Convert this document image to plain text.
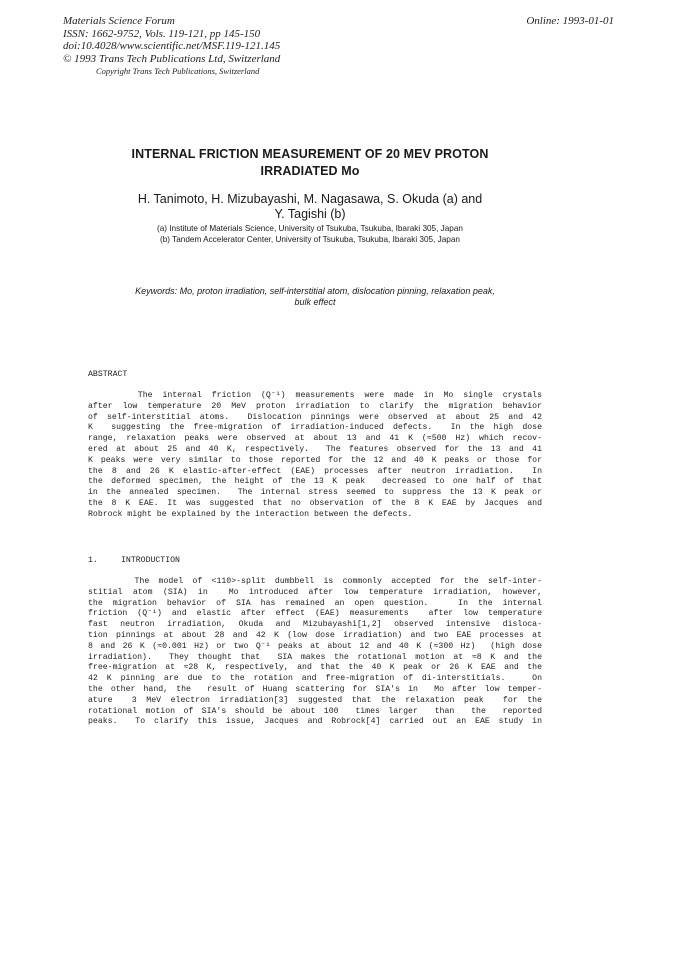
Materials Science Forum
ISSN: 1662-9752, Vols. 119-121, pp 145-150
doi:10.4028/www.scientific.net/MSF.119-121.145
© 1993 Trans Tech Publications Ltd, Switzerland
Online: 1993-01-01
Copyright Trans Tech Publications, Switzerland
INTERNAL FRICTION MEASUREMENT OF 20 MEV PROTON
IRRADIATED Mo
H. Tanimoto, H. Mizubayashi, M. Nagasawa, S. Okuda (a) and
Y. Tagishi (b)
(a) Institute of Materials Science, University of Tsukuba, Tsukuba, Ibaraki 305, Japan
(b) Tandem Accelerator Center, University of Tsukuba, Tsukuba, Ibaraki 305, Japan
Keywords: Mo, proton irradiation, self-interstitial atom, dislocation pinning, relaxation peak,
bulk effect
ABSTRACT
The internal friction (Q⁻¹) measurements were made in Mo single crystals
after low temperature 20 MeV proton irradiation to clarify the migration behavior
of self-interstitial atoms.  Dislocation pinnings were observed at about 25 and 42
K  suggesting the free-migration of irradiation-induced defects.  In the high dose
range, relaxation peaks were observed at about 13 and 41 K (≈500 Hz) which recov-
ered at about 25 and 40 K, respectively.  The features observed for the 13 and 41
K peaks were very similar to those reported for the 12 and 40 K peaks or those for
the 8 and 26 K elastic-after-effect (EAE) processes after neutron irradiation.  In
the deformed specimen, the height of the 13 K peak  decreased to one half of that
in the annealed specimen.  The internal stress seemed to suppress the 13 K peak or
the 8 K EAE. It was suggested that no observation of the 8 K EAE by Jacques and
Robrock might be explained by the interaction between the defects.
1.	INTRODUCTION
The model of <110>-split dumbbell is commonly accepted for the self-inter-
stitial atom (SIA) in  Mo introduced after low temperature irradiation, however,
the migration behavior of SIA has remained an open question.   In the internal
friction (Q⁻¹) and elastic after effect (EAE) measurements  after low temperature
fast neutron irradiation, Okuda and Mizubayashi[1,2] observed intensive disloca-
tion pinnings at about 28 and 42 K (low dose irradiation) and two EAE processes at
8 and 26 K (≈0.001 Hz) or two Q⁻¹ peaks at about 12 and 40 K (≈300 Hz)  (high dose
irradiation).  They thought that  SIA makes the rotational motion at ≈8 K and the
free-migration at ≈28 K, respectively, and that the 40 K peak or 26 K EAE and the
42 K pinning are due to the rotation and free-migration of di-interstitials.   On
the other hand, the  result of Huang scattering for SIA's in  Mo after low temper-
ature  3 MeV electron irradiation[3] suggested that the relaxation peak  for the
rotational motion of SIA's should be about 100  times larger  than  the  reported
peaks.  To clarify this issue, Jacques and Robrock[4] carried out an EAE study in
